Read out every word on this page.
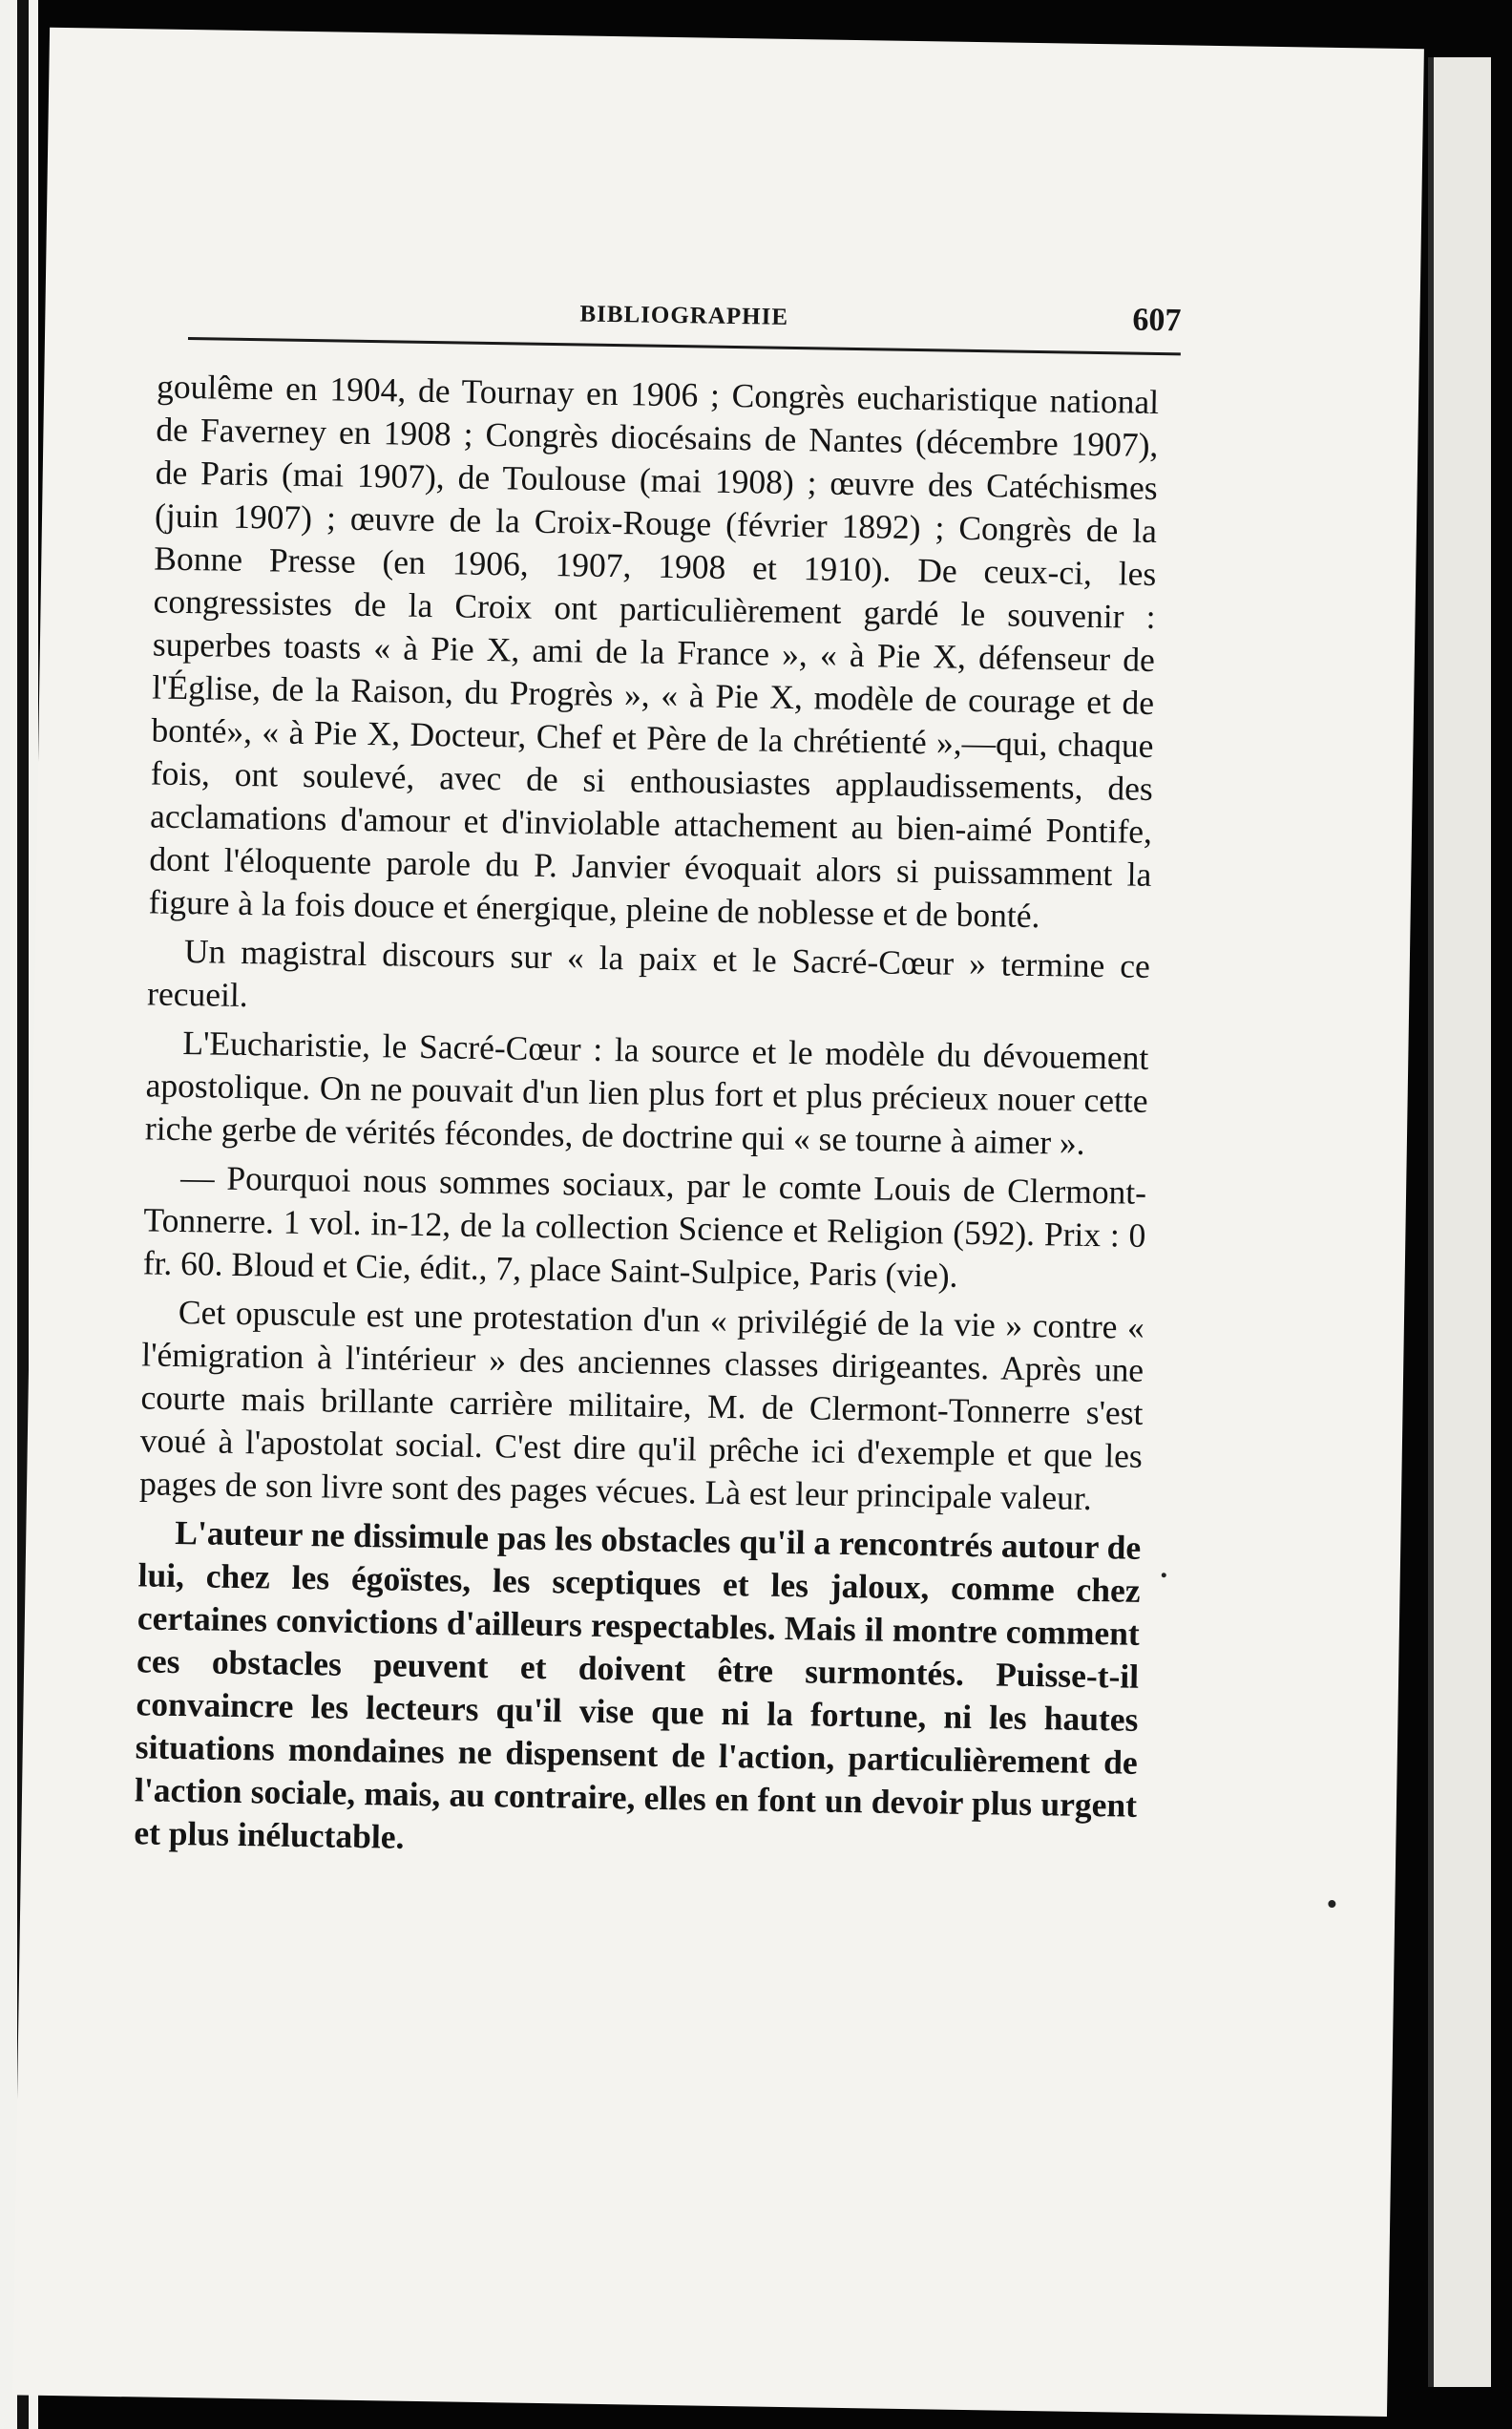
BIBLIOGRAPHIE	607

goulême en 1904, de Tournay en 1906 ; Congrès eucharistique national de Faverney en 1908 ; Congrès diocésains de Nantes (décembre 1907), de Paris (mai 1907), de Toulouse (mai 1908) ; œuvre des Catéchismes (juin 1907) ; œuvre de la Croix-Rouge (février 1892) ; Congrès de la Bonne Presse (en 1906, 1907, 1908 et 1910). De ceux-ci, les congressistes de la Croix ont particulièrement gardé le souvenir : superbes toasts « à Pie X, ami de la France », « à Pie X, défenseur de l'Église, de la Raison, du Progrès », « à Pie X, modèle de courage et de bonté», « à Pie X, Docteur, Chef et Père de la chrétienté »,—qui, chaque fois, ont soulevé, avec de si enthousiastes applaudissements, des acclamations d'amour et d'inviolable attachement au bien-aimé Pontife, dont l'éloquente parole du P. Janvier évoquait alors si puissamment la figure à la fois douce et énergique, pleine de noblesse et de bonté.

Un magistral discours sur « la paix et le Sacré-Cœur » termine ce recueil.

L'Eucharistie, le Sacré-Cœur : la source et le modèle du dévouement apostolique. On ne pouvait d'un lien plus fort et plus précieux nouer cette riche gerbe de vérités fécondes, de doctrine qui « se tourne à aimer ».

— Pourquoi nous sommes sociaux, par le comte Louis de Clermont-Tonnerre. 1 vol. in-12, de la collection Science et Religion (592). Prix : 0 fr. 60. Bloud et Cie, édit., 7, place Saint-Sulpice, Paris (vie).

Cet opuscule est une protestation d'un « privilégié de la vie » contre « l'émigration à l'intérieur » des anciennes classes dirigeantes. Après une courte mais brillante carrière militaire, M. de Clermont-Tonnerre s'est voué à l'apostolat social. C'est dire qu'il prêche ici d'exemple et que les pages de son livre sont des pages vécues. Là est leur principale valeur.

L'auteur ne dissimule pas les obstacles qu'il a rencontrés autour de lui, chez les égoïstes, les sceptiques et les jaloux, comme chez certaines convictions d'ailleurs respectables. Mais il montre comment ces obstacles peuvent et doivent être surmontés. Puisse-t-il convaincre les lecteurs qu'il vise que ni la fortune, ni les hautes situations mondaines ne dispensent de l'action, particulièrement de l'action sociale, mais, au contraire, elles en font un devoir plus urgent et plus inéluctable.
